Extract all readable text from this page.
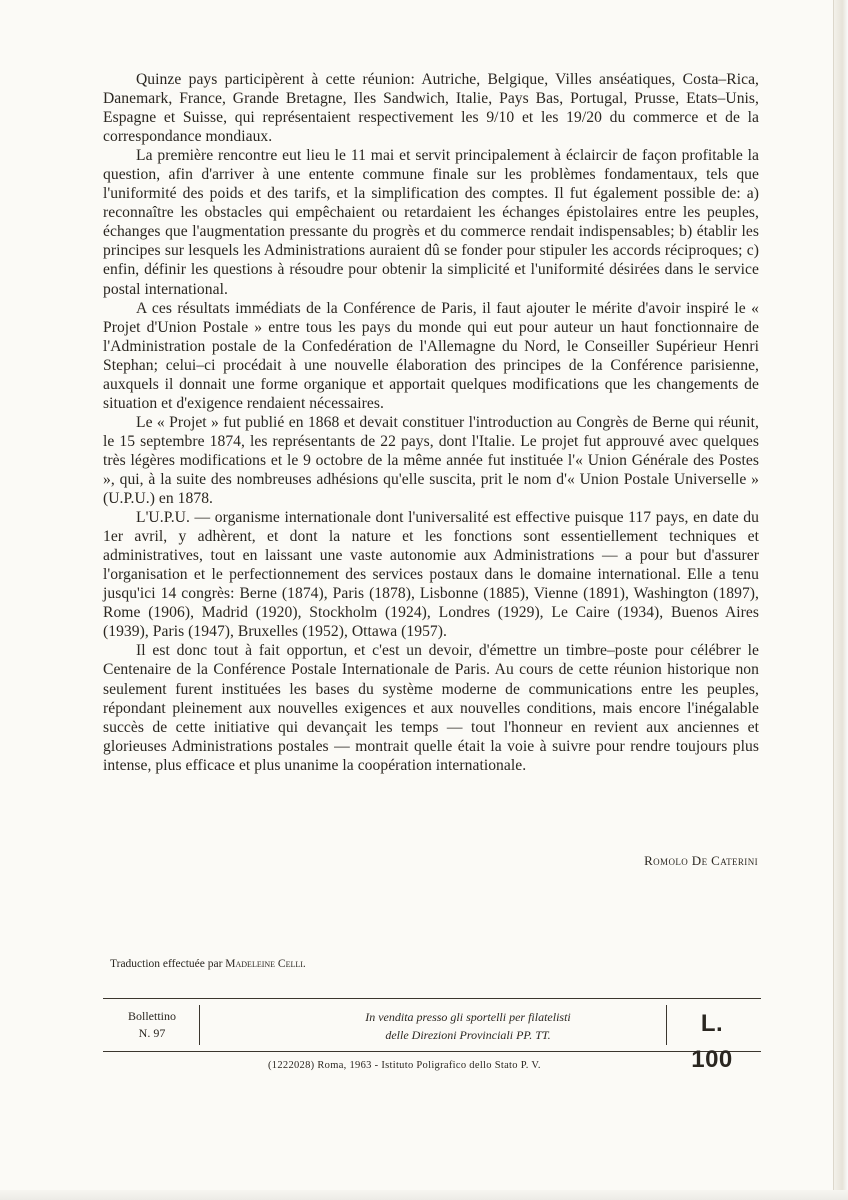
Quinze pays participèrent à cette réunion: Autriche, Belgique, Villes anséatiques, Costa–Rica, Danemark, France, Grande Bretagne, Iles Sandwich, Italie, Pays Bas, Portugal, Prusse, Etats–Unis, Espagne et Suisse, qui représentaient respectivement les 9/10 et les 19/20 du commerce et de la correspondance mondiaux.

La première rencontre eut lieu le 11 mai et servit principalement à éclaircir de façon profitable la question, afin d'arriver à une entente commune finale sur les problèmes fondamentaux, tels que l'uniformité des poids et des tarifs, et la simplification des comptes. Il fut également possible de: a) reconnaître les obstacles qui empêchaient ou retardaient les échanges épistolaires entre les peuples, échanges que l'augmentation pressante du progrès et du commerce rendait indispensables; b) établir les principes sur lesquels les Administrations auraient dû se fonder pour stipuler les accords réciproques; c) enfin, définir les questions à résoudre pour obtenir la simplicité et l'uniformité désirées dans le service postal international.

A ces résultats immédiats de la Conférence de Paris, il faut ajouter le mérite d'avoir inspiré le « Projet d'Union Postale » entre tous les pays du monde qui eut pour auteur un haut fonctionnaire de l'Administration postale de la Confedération de l'Allemagne du Nord, le Conseiller Supérieur Henri Stephan; celui–ci procédait à une nouvelle élaboration des principes de la Conférence parisienne, auxquels il donnait une forme organique et apportait quelques modifications que les changements de situation et d'exigence rendaient nécessaires.

Le « Projet » fut publié en 1868 et devait constituer l'introduction au Congrès de Berne qui réunit, le 15 septembre 1874, les représentants de 22 pays, dont l'Italie. Le projet fut approuvé avec quelques très légères modifications et le 9 octobre de la même année fut instituée l'« Union Générale des Postes », qui, à la suite des nombreuses adhésions qu'elle suscita, prit le nom d'« Union Postale Universelle » (U.P.U.) en 1878.

L'U.P.U. — organisme internationale dont l'universalité est effective puisque 117 pays, en date du 1er avril, y adhèrent, et dont la nature et les fonctions sont essentiellement techniques et administratives, tout en laissant une vaste autonomie aux Administrations — a pour but d'assurer l'organisation et le perfectionnement des services postaux dans le domaine international. Elle a tenu jusqu'ici 14 congrès: Berne (1874), Paris (1878), Lisbonne (1885), Vienne (1891), Washington (1897), Rome (1906), Madrid (1920), Stockholm (1924), Londres (1929), Le Caire (1934), Buenos Aires (1939), Paris (1947), Bruxelles (1952), Ottawa (1957).

Il est donc tout à fait opportun, et c'est un devoir, d'émettre un timbre–poste pour célébrer le Centenaire de la Conférence Postale Internationale de Paris. Au cours de cette réunion historique non seulement furent instituées les bases du système moderne de communications entre les peuples, répondant pleinement aux nouvelles exigences et aux nouvelles conditions, mais encore l'inégalable succès de cette initiative qui devançait les temps — tout l'honneur en revient aux anciennes et glorieuses Administrations postales — montrait quelle était la voie à suivre pour rendre toujours plus intense, plus efficace et plus unanime la coopération internationale.

Romolo De Caterini
Traduction effectuée par Madeleine Celli.
Bollettino
N. 97
In vendita presso gli sportelli per filatelisti
delle Direzioni Provinciali PP. TT.	L. 100
(1222028) Roma, 1963 - Istituto Poligrafico dello Stato P. V.
